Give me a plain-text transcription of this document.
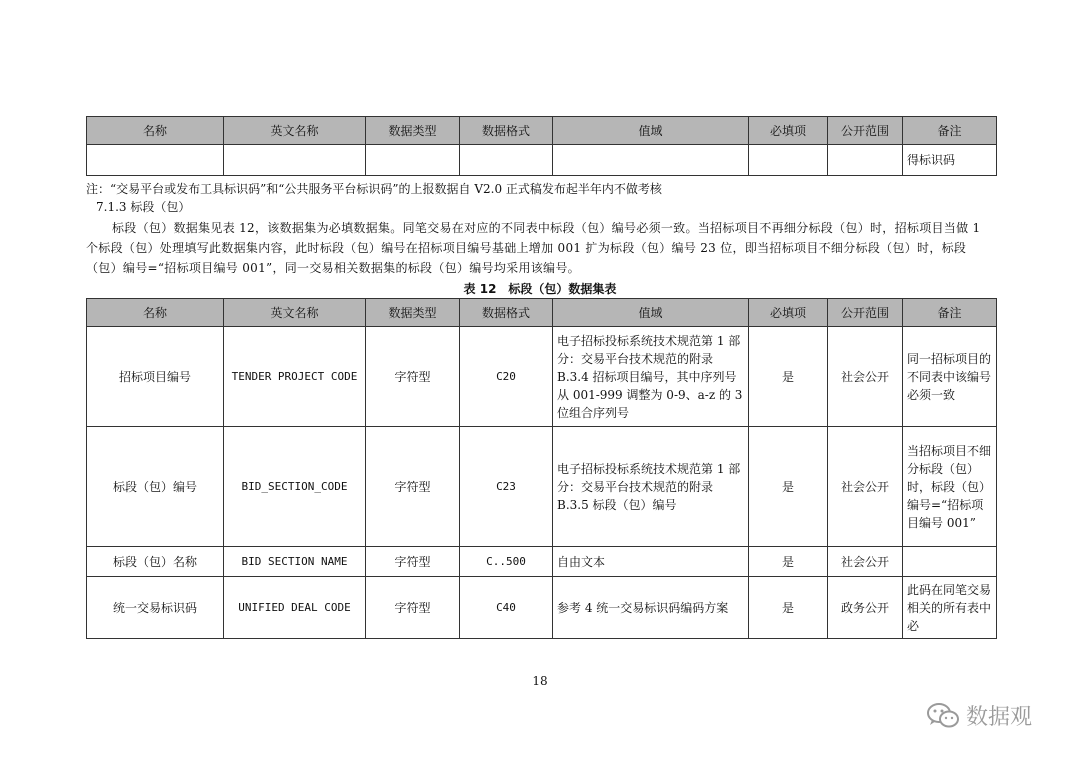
名称	英文名称	数据类型	数据格式	值域	必填项	公开范围	备注
							得标识码
注：“交易平台或发布工具标识码”和“公共服务平台标识码”的上报数据自 V2.0 正式稿发布起半年内不做考核
7.1.3 标段（包）
标段（包）数据集见表 12，该数据集为必填数据集。同笔交易在对应的不同表中标段（包）编号必须一致。当招标项目不再细分标段（包）时，招标项目当做 1 个标段（包）处理填写此数据集内容，此时标段（包）编号在招标项目编号基础上增加 001 扩为标段（包）编号 23 位，即当招标项目不细分标段（包）时，标段（包）编号=“招标项目编号 001”，同一交易相关数据集的标段（包）编号均采用该编号。
表 12　标段（包）数据集表
名称	英文名称	数据类型	数据格式	值域	必填项	公开范围	备注
招标项目编号	TENDER PROJECT CODE	字符型	C20	电子招标投标系统技术规范第 1 部分：交易平台技术规范的附录 B.3.4 招标项目编号，其中序列号从 001-999 调整为 0-9、a-z 的 3 位组合序列号	是	社会公开	同一招标项目的不同表中该编号必须一致
标段（包）编号	BID_SECTION_CODE	字符型	C23	电子招标投标系统技术规范第 1 部分：交易平台技术规范的附录 B.3.5 标段（包）编号	是	社会公开	当招标项目不细分标段（包）时，标段（包）编号=“招标项目编号 001”
标段（包）名称	BID SECTION NAME	字符型	C..500	自由文本	是	社会公开	
统一交易标识码	UNIFIED DEAL CODE	字符型	C40	参考 4 统一交易标识码编码方案	是	政务公开	此码在同笔交易相关的所有表中必
18
数据观
